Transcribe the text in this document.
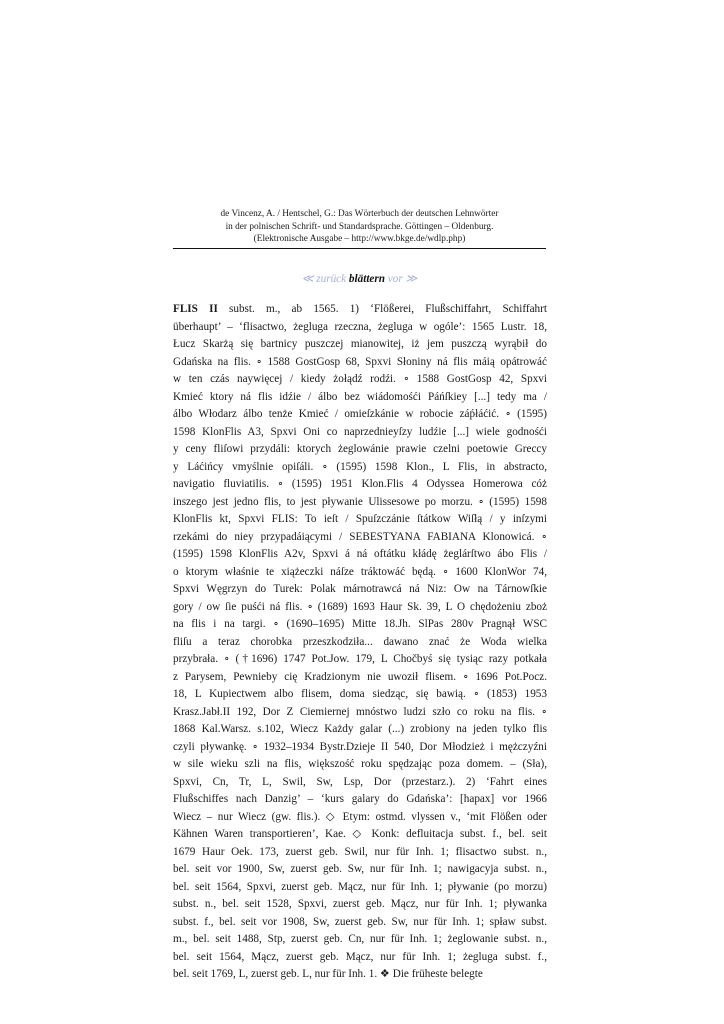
de Vincenz, A. / Hentschel, G.: Das Wörterbuch der deutschen Lehnwörter
in der polnischen Schrift- und Standardsprache. Göttingen – Oldenburg.
(Elektronische Ausgabe – http://www.bkge.de/wdlp.php)
≪ zurück blättern vor ≫
FLIS II subst. m., ab 1565. 1) ‘Flößerei, Flußschiffahrt, Schiffahrt
überhaupt’ – ‘flisactwo, żegluga rzeczna, żegluga w ogóle’: 1565 Lustr. 18,
Łucz Skarżą się bartnicy puszczej mianowitej, iż jem puszczą wyrąbił do
Gdańska na flis. ∘ 1588 GostGosp 68, Spxvi Słoniny ná flis máią opátrowáć
w ten czás naywięcej / kiedy żołądź rodźi. ∘ 1588 GostGosp 42, Spxvi
Kmieć ktory ná flis idźie / álbo bez wiádomośći Páńſkiey [...] tedy ma /
álbo Włodarz álbo tenże Kmieć / omieſzkánie w robocie záṕłáćić. ∘ (1595)
1598 KlonFlis A3, Spxvi Oni co naprzednieyſzy ludźie [...] wiele godnośći
y ceny fliſowi przydáli: ktorych żeglowánie prawie czelni poetowie Greccy
y Láćińcy vmyślnie opiſáli. ∘ (1595) 1598 Klon., L Flis, in abstracto,
navigatio fluviatilis. ∘ (1595) 1951 Klon.Flis 4 Odyssea Homerowa cóż
inszego jest jedno flis, to jest pływanie Ulissesowe po morzu. ∘ (1595) 1598
KlonFlis kt, Spxvi FLIS: To ieſt / Spuſzczánie ſtátkow Wiſłą / y inſzymi
rzekámi do niey przypadáiącymi / SEBESTYANA FABIANA Klonowicá. ∘
(1595) 1598 KlonFlis A2v, Spxvi á ná oftátku kłádę żeglárſtwo ábo Flis /
o ktorym właśnie te xiążeczki náſze tráktowáć będą. ∘ 1600 KlonWor 74,
Spxvi Węgrzyn do Turek: Polak márnotrawcá ná Niz: Ow na Tárnowſkie
gory / ow ſie puśći ná flis. ∘ (1689) 1693 Haur Sk. 39, L O chędożeniu zboż
na flis i na targi. ∘ (1690–1695) Mitte 18.Jh. SlPas 280v Pragnął WSC
fliſu a teraz chorobka przeszkodziła... dawano znać że Woda wielka
przybrała. ∘ (†1696) 1747 Pot.Jow. 179, L Chočbyś się tysiąc razy potkała
z Parysem, Pewnieby cię Kradzionym nie uwoził flisem. ∘ 1696 Pot.Pocz.
18, L Kupiectwem albo flisem, doma siedząc, się bawią. ∘ (1853) 1953
Krasz.Jabł.II 192, Dor Z Ciemiernej mnóstwo ludzi szło co roku na flis. ∘
1868 Kal.Warsz. s.102, Wiecz Każdy galar (...) zrobiony na jeden tylko flis
czyli pływankę. ∘ 1932–1934 Bystr.Dzieje II 540, Dor Młodzież i mężczyźni
w sile wieku szli na flis, większość roku spędzając poza domem. – (Sła),
Spxvi, Cn, Tr, L, Swil, Sw, Lsp, Dor (przestarz.). 2) ‘Fahrt eines
Flußschiffes nach Danzig’ – ‘kurs galary do Gdańska’: [hapax] vor 1966
Wiecz – nur Wiecz (gw. flis.). ◇ Etym: ostmd. vlyssen v., ‘mit Flößen oder
Kähnen Waren transportieren’, Kae. ◇ Konk: defluitacja subst. f., bel. seit
1679 Haur Oek. 173, zuerst geb. Swil, nur für Inh. 1; flisactwo subst. n.,
bel. seit vor 1900, Sw, zuerst geb. Sw, nur für Inh. 1; nawigacyja subst. n.,
bel. seit 1564, Spxvi, zuerst geb. Mącz, nur für Inh. 1; pływanie (po morzu)
subst. n., bel. seit 1528, Spxvi, zuerst geb. Mącz, nur für Inh. 1; pływanka
subst. f., bel. seit vor 1908, Sw, zuerst geb. Sw, nur für Inh. 1; spław subst.
m., bel. seit 1488, Stp, zuerst geb. Cn, nur für Inh. 1; żeglowanie subst. n.,
bel. seit 1564, Mącz, zuerst geb. Mącz, nur für Inh. 1; żegluga subst. f.,
bel. seit 1769, L, zuerst geb. L, nur für Inh. 1. ❖ Die früheste belegte
